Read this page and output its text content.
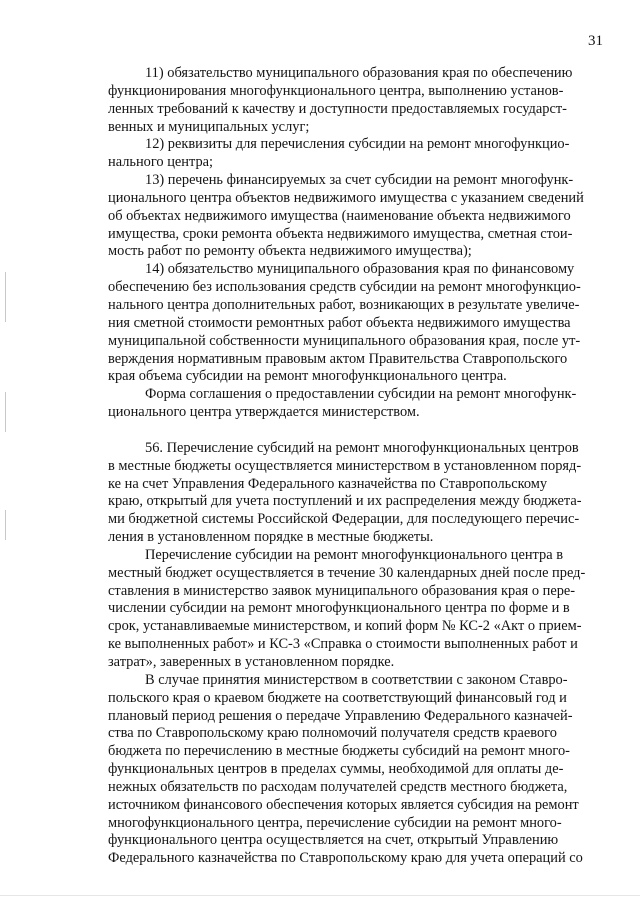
31

11) обязательство муниципального образования края по обеспечению
функционирования многофункционального центра, выполнению установ-
ленных требований к качеству и доступности предоставляемых государст-
венных и муниципальных услуг;

12) реквизиты для перечисления субсидии на ремонт многофункцио-
нального центра;

13) перечень финансируемых за счет субсидии на ремонт многофунк-
ционального центра объектов недвижимого имущества с указанием сведений
об объектах недвижимого имущества (наименование объекта недвижимого
имущества, сроки ремонта объекта недвижимого имущества, сметная стои-
мость работ по ремонту объекта недвижимого имущества);

14) обязательство муниципального образования края по финансовому
обеспечению без использования средств субсидии на ремонт многофункцио-
нального центра дополнительных работ, возникающих в результате увеличе-
ния сметной стоимости ремонтных работ объекта недвижимого имущества
муниципальной собственности муниципального образования края, после ут-
верждения нормативным правовым актом Правительства Ставропольского
края объема субсидии на ремонт многофункционального центра.

Форма соглашения о предоставлении субсидии на ремонт многофунк-
ционального центра утверждается министерством.

56. Перечисление субсидий на ремонт многофункциональных центров
в местные бюджеты осуществляется министерством в установленном поряд-
ке на счет Управления Федерального казначейства по Ставропольскому
краю, открытый для учета поступлений и их распределения между бюджета-
ми бюджетной системы Российской Федерации, для последующего перечис-
ления в установленном порядке в местные бюджеты.

Перечисление субсидии на ремонт многофункционального центра в
местный бюджет осуществляется в течение 30 календарных дней после пред-
ставления в министерство заявок муниципального образования края о пере-
числении субсидии на ремонт многофункционального центра по форме и в
срок, устанавливаемые министерством, и копий форм № КС-2 «Акт о прием-
ке выполненных работ» и КС-3 «Справка о стоимости выполненных работ и
затрат», заверенных в установленном порядке.

В случае принятия министерством в соответствии с законом Ставро-
польского края о краевом бюджете на соответствующий финансовый год и
плановый период решения о передаче Управлению Федерального казначей-
ства по Ставропольскому краю полномочий получателя средств краевого
бюджета по перечислению в местные бюджеты субсидий на ремонт много-
функциональных центров в пределах суммы, необходимой для оплаты де-
нежных обязательств по расходам получателей средств местного бюджета,
источником финансового обеспечения которых является субсидия на ремонт
многофункционального центра, перечисление субсидии на ремонт много-
функционального центра осуществляется на счет, открытый Управлению
Федерального казначейства по Ставропольскому краю для учета операций со
